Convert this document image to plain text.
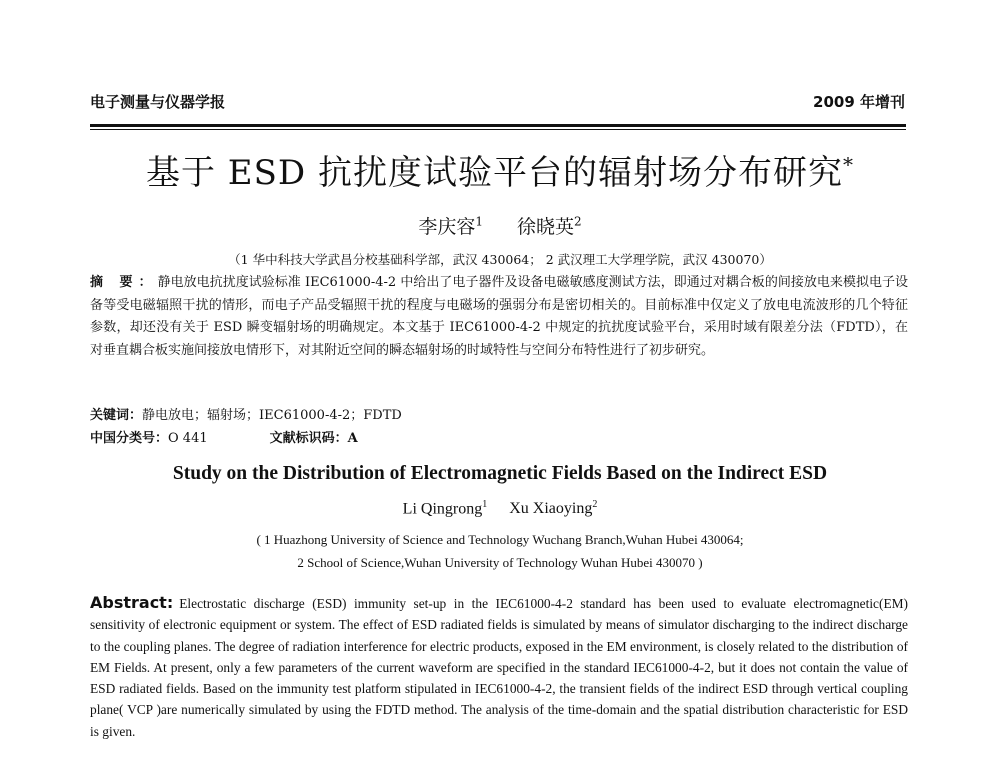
电子测量与仪器学报	2009 年增刊
基于 ESD 抗扰度试验平台的辐射场分布研究*
李庆容$^1$ 徐晓英$^2$
（1 华中科技大学武昌分校基础科学部，武汉 430064； 2 武汉理工大学理学院，武汉 430070）
摘 要：静电放电抗扰度试验标准 IEC61000-4-2 中给出了电子器件及设备电磁敏感度测试方法，即通过对耦合板的间接放电来模拟电子设备等受电磁辐照干扰的情形，而电子产品受辐照干扰的程度与电磁场的强弱分布是密切相关的。目前标准中仅定义了放电电流波形的几个特征参数，却还没有关于 ESD 瞬变辐射场的明确规定。本文基于 IEC61000-4-2 中规定的抗扰度试验平台，采用时域有限差分法（FDTD），在对垂直耦合板实施间接放电情形下，对其附近空间的瞬态辐射场的时域特性与空间分布特性进行了初步研究。
关键词：静电放电；辐射场；IEC61000-4-2；FDTD
中国分类号：O 441	文献标识码：A
Study on the Distribution of Electromagnetic Fields Based on the Indirect ESD
Li Qingrong$^1$ Xu Xiaoying$^2$
( 1 Huazhong University of Science and Technology Wuchang Branch,Wuhan Hubei 430064;
2 School of Science,Wuhan University of Technology Wuhan Hubei 430070 )
Abstract: Electrostatic discharge (ESD) immunity set-up in the IEC61000-4-2 standard has been used to evaluate electromagnetic(EM) sensitivity of electronic equipment or system. The effect of ESD radiated fields is simulated by means of simulator discharging to the indirect discharge to the coupling planes. The degree of radiation interference for electric products, exposed in the EM environment, is closely related to the distribution of EM Fields. At present, only a few parameters of the current waveform are specified in the standard IEC61000-4-2, but it does not contain the value of ESD radiated fields. Based on the immunity test platform stipulated in IEC61000-4-2, the transient fields of the indirect ESD through vertical coupling plane( VCP )are numerically simulated by using the FDTD method. The analysis of the time-domain and the spatial distribution characteristic for ESD is given.
